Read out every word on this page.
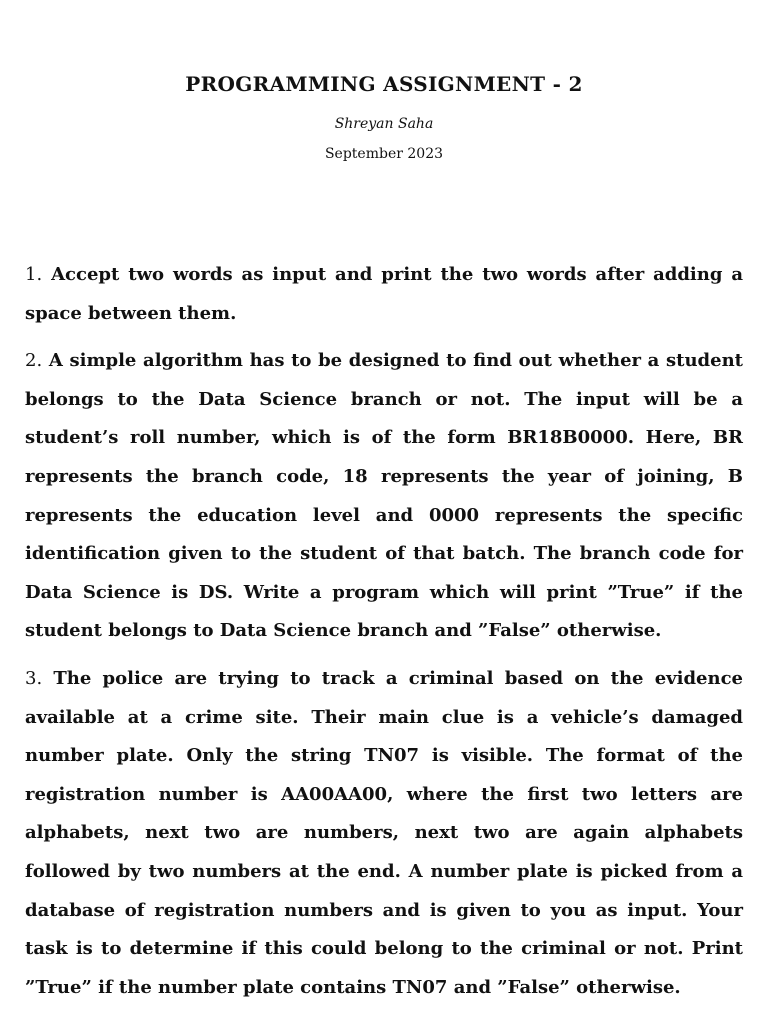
PROGRAMMING ASSIGNMENT - 2
Shreyan Saha
September 2023

1. Accept two words as input and print the two words after adding a space between them.

2. A simple algorithm has to be designed to find out whether a student belongs to the Data Science branch or not. The input will be a student’s roll number, which is of the form BR18B0000. Here, BR represents the branch code, 18 represents the year of joining, B represents the education level and 0000 represents the specific identification given to the student of that batch. The branch code for Data Science is DS. Write a program which will print ”True” if the student belongs to Data Science branch and ”False” otherwise.

3. The police are trying to track a criminal based on the evidence available at a crime site. Their main clue is a vehicle’s damaged number plate. Only the string TN07 is visible. The format of the registration number is AA00AA00, where the first two letters are alphabets, next two are numbers, next two are again alphabets followed by two numbers at the end. A number plate is picked from a database of registration numbers and is given to you as input. Your task is to determine if this could belong to the criminal or not. Print ”True” if the number plate contains TN07 and ”False” otherwise.
